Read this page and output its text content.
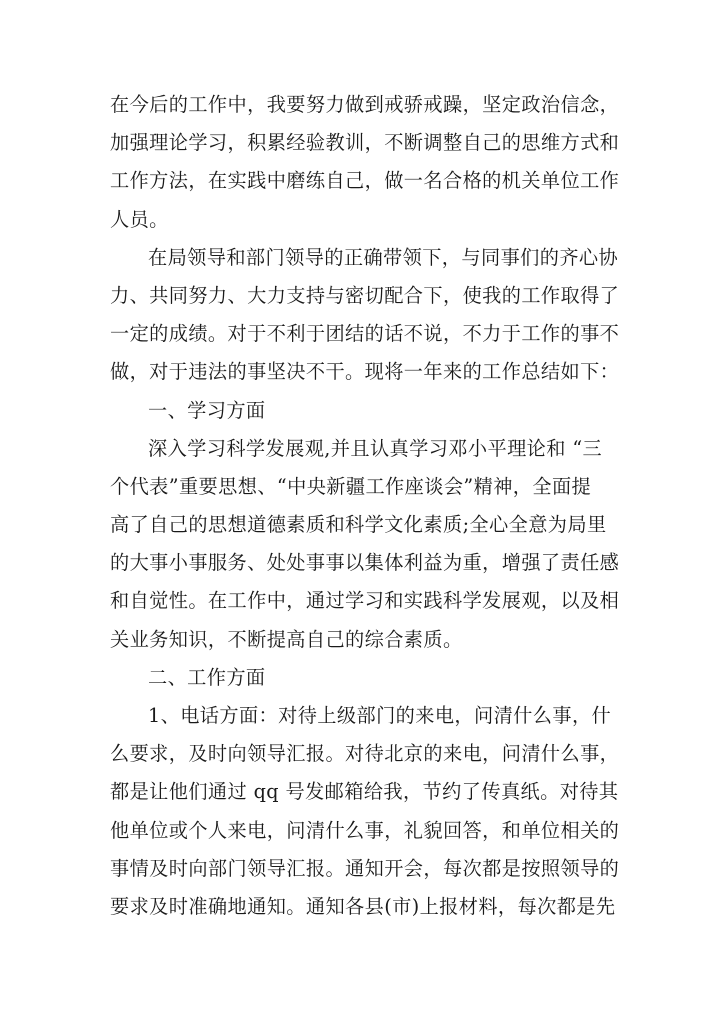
在今后的工作中，我要努力做到戒骄戒躁，坚定政治信念，
加强理论学习，积累经验教训，不断调整自己的思维方式和
工作方法，在实践中磨练自己，做一名合格的机关单位工作
人员。
在局领导和部门领导的正确带领下，与同事们的齐心协
力、共同努力、大力支持与密切配合下，使我的工作取得了
一定的成绩。对于不利于团结的话不说，不力于工作的事不
做，对于违法的事坚决不干。现将一年来的工作总结如下：
一、学习方面
深入学习科学发展观,并且认真学习邓小平理论和 “三
个代表”重要思想、“中央新疆工作座谈会”精神，全面提
高了自己的思想道德素质和科学文化素质;全心全意为局里
的大事小事服务、处处事事以集体利益为重，增强了责任感
和自觉性。在工作中，通过学习和实践科学发展观，以及相
关业务知识，不断提高自己的综合素质。
二、工作方面
1、电话方面：对待上级部门的来电，问清什么事，什
么要求，及时向领导汇报。对待北京的来电，问清什么事，
都是让他们通过 qq 号发邮箱给我，节约了传真纸。对待其
他单位或个人来电，问清什么事，礼貌回答，和单位相关的
事情及时向部门领导汇报。通知开会，每次都是按照领导的
要求及时准确地通知。通知各县(市)上报材料，每次都是先
